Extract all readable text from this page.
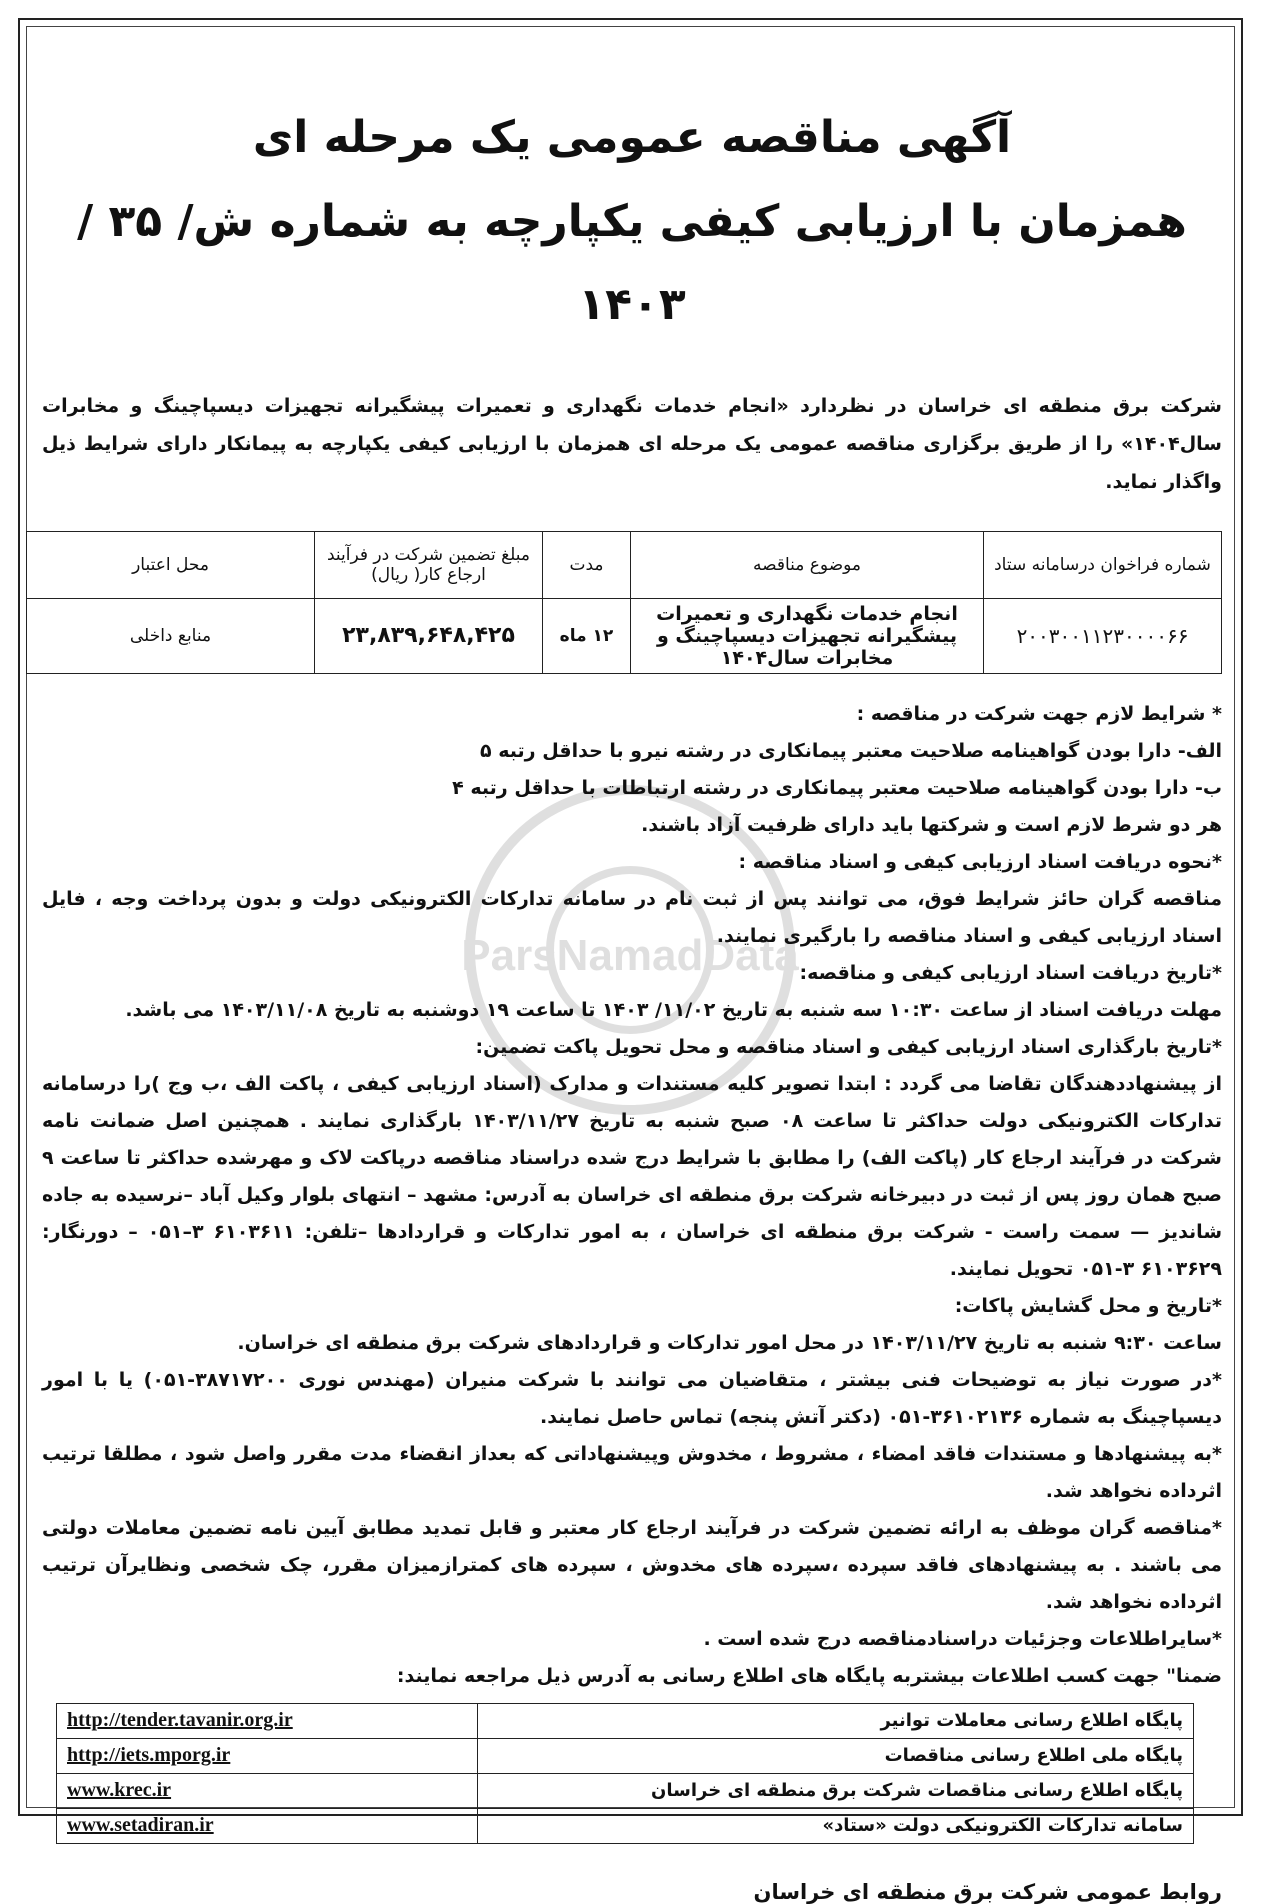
ParsNamadData
آگهی مناقصه عمومی یک مرحله ای
همزمان با ارزیابی کیفی یکپارچه به شماره ش/ ۳۵ /۱۴۰۳
شرکت برق منطقه ای خراسان در نظردارد «انجام خدمات نگهداری و تعمیرات پیشگیرانه تجهیزات دیسپاچینگ و مخابرات سال۱۴۰۴» را از طریق برگزاری مناقصه عمومی یک مرحله ای همزمان با ارزیابی کیفی یکپارچه به پیمانکار دارای شرایط ذیل واگذار نماید.
شماره فراخوان درسامانه ستاد	موضوع مناقصه	مدت	مبلغ تضمین شرکت در فرآیند ارجاع کار( ریال)	محل اعتبار
۲۰۰۳۰۰۱۱۲۳۰۰۰۰۶۶	انجام خدمات نگهداری و تعمیرات پیشگیرانه تجهیزات دیسپاچینگ و مخابرات سال۱۴۰۴	۱۲ ماه	۲۳,۸۳۹,۶۴۸,۴۲۵	منابع داخلی

* شرایط لازم جهت شرکت در مناقصه :

الف- دارا بودن گواهینامه صلاحیت معتبر پیمانکاری در رشته نیرو با حداقل رتبه ۵

ب- دارا بودن گواهینامه صلاحیت معتبر پیمانکاری در رشته ارتباطات با حداقل رتبه ۴

هر دو شرط لازم است و شرکتها باید دارای ظرفیت آزاد باشند.

*نحوه دریافت اسناد ارزیابی کیفی و اسناد مناقصه :

مناقصه گران حائز شرایط فوق، می توانند پس از ثبت نام در سامانه تدارکات الکترونیکی دولت و بدون پرداخت وجه ، فایل اسناد ارزیابی کیفی و اسناد مناقصه را بارگیری نمایند.

*تاریخ دریافت اسناد ارزیابی کیفی و مناقصه:

مهلت دریافت اسناد از ساعت ۱۰:۳۰ سه شنبه به تاریخ ۱۱/۰۲/ ۱۴۰۳ تا ساعت ۱۹ دوشنبه به تاریخ ۱۴۰۳/۱۱/۰۸ می باشد.

*تاریخ بارگذاری اسناد ارزیابی کیفی و اسناد مناقصه و محل تحویل پاکت تضمین:

از پیشنهاددهندگان تقاضا می گردد : ابتدا تصویر کلیه مستندات و مدارک (اسناد ارزیابی کیفی ، پاکت الف ،ب وج )را درسامانه تدارکات الکترونیکی دولت حداکثر تا ساعت ۰۸ صبح شنبه به تاریخ ۱۴۰۳/۱۱/۲۷ بارگذاری نمایند . همچنین اصل ضمانت نامه شرکت در فرآیند ارجاع کار (پاکت الف) را مطابق با شرایط درج شده دراسناد مناقصه درپاکت لاک و مهرشده حداکثر تا ساعت ۹ صبح همان روز پس از ثبت در دبیرخانه شرکت برق منطقه ای خراسان به آدرس: مشهد – انتهای بلوار وکیل آباد –نرسیده به جاده شاندیز — سمت راست - شرکت برق منطقه ای خراسان ، به امور تدارکات و قراردادها –تلفن: ۶۱۰۳۶۱۱ ۳–۰۵۱ – دورنگار: ۶۱۰۳۶۲۹ ۳-۰۵۱ تحویل نمایند.

*تاریخ و محل گشایش پاکات:

ساعت ۹:۳۰ شنبه به تاریخ ۱۴۰۳/۱۱/۲۷ در محل امور تدارکات و قراردادهای شرکت برق منطقه ای خراسان.

*در صورت نیاز به توضیحات فنی بیشتر ، متقاضیان می توانند با شرکت منیران (مهندس نوری ۳۸۷۱۷۲۰۰-۰۵۱) یا با امور دیسپاچینگ به شماره ۳۶۱۰۲۱۳۶-۰۵۱ (دکتر آتش پنجه) تماس حاصل نمایند.

*به پیشنهادها و مستندات فاقد امضاء ، مشروط ، مخدوش وپیشنهاداتی که بعداز انقضاء مدت مقرر واصل شود ، مطلقا ترتیب اثرداده نخواهد شد.

*مناقصه گران موظف به ارائه تضمین شرکت در فرآیند ارجاع کار معتبر و قابل تمدید مطابق آیین نامه تضمین معاملات دولتی می باشند . به پیشنهادهای فاقد سپرده ،سپرده های مخدوش ، سپرده های کمترازمیزان مقرر، چک شخصی ونظایرآن ترتیب اثرداده نخواهد شد.

*سایراطلاعات وجزئیات دراسنادمناقصه درج شده است .

ضمنا" جهت کسب اطلاعات بیشتربه پایگاه های اطلاع رسانی به آدرس ذیل مراجعه نمایند:

پایگاه اطلاع رسانی معاملات توانیر	http://tender.tavanir.org.ir
پایگاه ملی اطلاع رسانی مناقصات	http://iets.mporg.ir
پایگاه اطلاع رسانی مناقصات شرکت برق منطقه ای خراسان	www.krec.ir
سامانه تدارکات الکترونیکی دولت «ستاد»	www.setadiran.ir
روابط عمومی شرکت برق منطقه ای خراسان
